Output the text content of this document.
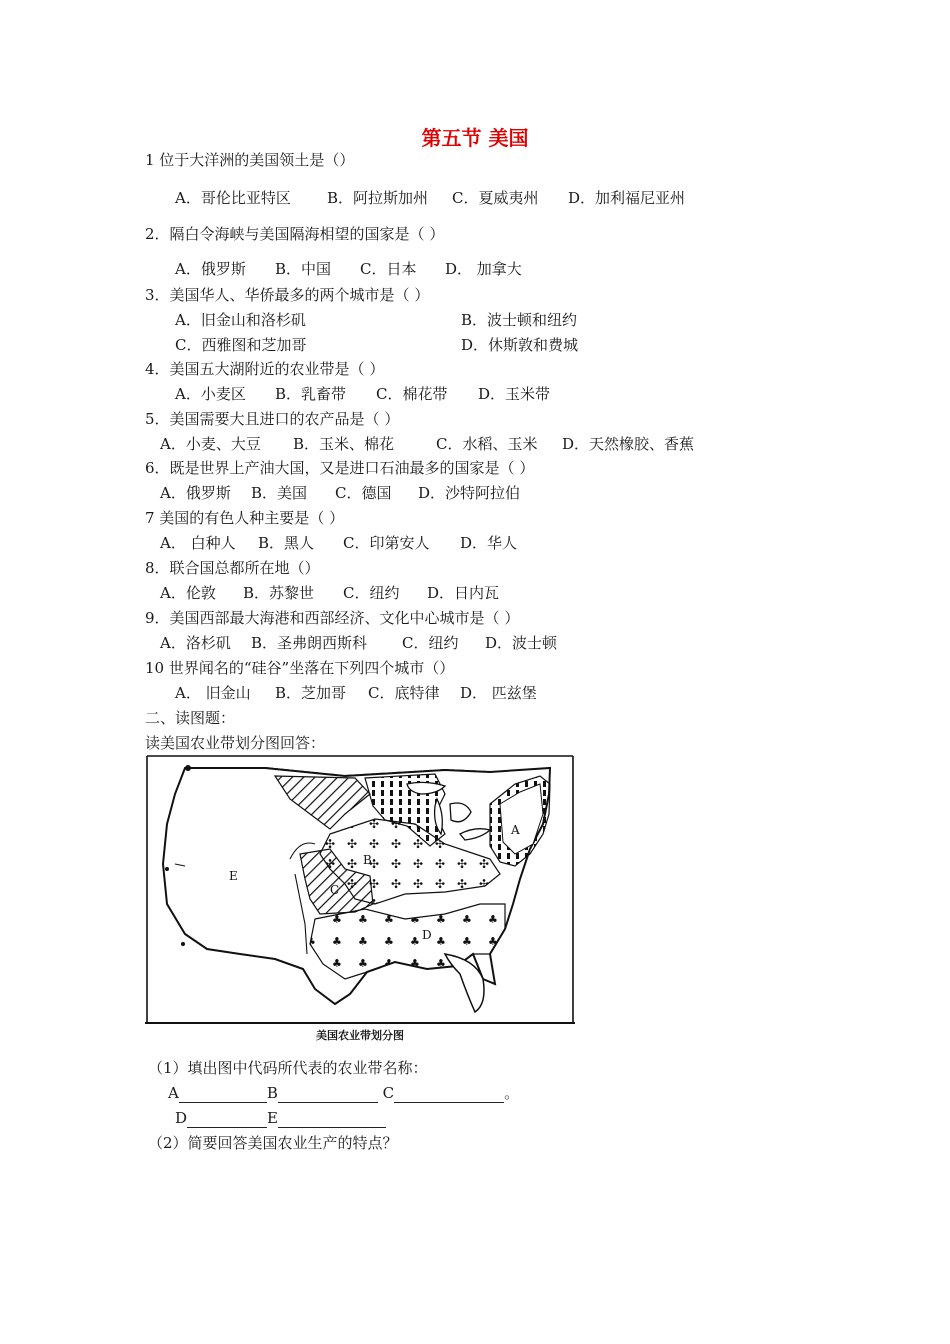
第五节 美国
1 位于大洋洲的美国领土是（）
A．哥伦比亚特区 B．阿拉斯加州 C．夏威夷州 D．加利福尼亚州
2．隔白令海峡与美国隔海相望的国家是（ ）
A．俄罗斯 B．中国 C．日本 D． 加拿大
3．美国华人、华侨最多的两个城市是（ ）
A．旧金山和洛杉矶	B．波士顿和纽约
C．西雅图和芝加哥	D．休斯敦和费城
4．美国五大湖附近的农业带是（ ）
A．小麦区 B．乳畜带 C．棉花带 D．玉米带
5．美国需要大且进口的农产品是（ ）
A．小麦、大豆 B．玉米、棉花	C．水稻、玉米 D．天然橡胶、香蕉
6．既是世界上产油大国，又是进口石油最多的国家是（ ）
A．俄罗斯 B．美国 C．德国 D．沙特阿拉伯
7 美国的有色人种主要是（ ）
A． 白种人 B．黑人 C．印第安人 D．华人
8．联合国总都所在地（）
A．伦敦 B．苏黎世 C．纽约 D．日内瓦
9．美国西部最大海港和西部经济、文化中心城市是（ ）
A．洛杉矶 B．圣弗朗西斯科 C．纽约 D．波士顿
10 世界闻名的“硅谷”坐落在下列四个城市（）
A． 旧金山 B．芝加哥 C．底特律 D． 匹兹堡
二、读图题：
读美国农业带划分图回答：
E
A
B
C
D
美国农业带划分图
（1）填出图中代码所代表的农业带名称：
A	B	C	。
D	E
（2）简要回答美国农业生产的特点？
